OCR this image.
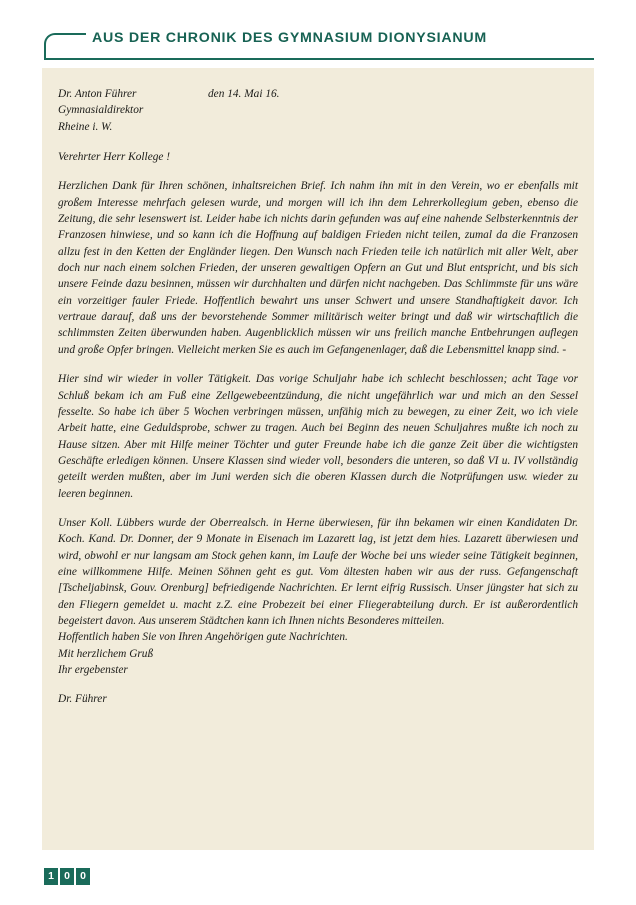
AUS DER CHRONIK DES GYMNASIUM DIONYSIANUM
Dr. Anton Führer	den 14. Mai 16.
Gymnasialdirektor
Rheine i. W.
Verehrter Herr Kollege !

Herzlichen Dank für Ihren schönen, inhaltsreichen Brief. Ich nahm ihn mit in den Verein, wo er ebenfalls mit großem Interesse mehrfach gelesen wurde, und morgen will ich ihn dem Lehrerkollegium geben, ebenso die Zeitung, die sehr lesenswert ist. Leider habe ich nichts darin gefunden was auf eine nahende Selbsterkenntnis der Franzosen hinwiese, und so kann ich die Hoffnung auf baldigen Frieden nicht teilen, zumal da die Franzosen allzu fest in den Ketten der Engländer liegen. Den Wunsch nach Frieden teile ich natürlich mit aller Welt, aber doch nur nach einem solchen Frieden, der unseren gewaltigen Opfern an Gut und Blut entspricht, und bis sich unsere Feinde dazu besinnen, müssen wir durchhalten und dürfen nicht nachgeben. Das Schlimmste für uns wäre ein vorzeitiger fauler Friede. Hoffentlich bewahrt uns unser Schwert und unsere Standhaftigkeit davor. Ich vertraue darauf, daß uns der bevorstehende Sommer militärisch weiter bringt und daß wir wirtschaftlich die schlimmsten Zeiten überwunden haben. Augenblicklich müssen wir uns freilich manche Entbehrungen auflegen und große Opfer bringen. Vielleicht merken Sie es auch im Gefangenenlager, daß die Lebensmittel knapp sind. -

Hier sind wir wieder in voller Tätigkeit. Das vorige Schuljahr habe ich schlecht beschlossen; acht Tage vor Schluß bekam ich am Fuß eine Zellgewebeentzündung, die nicht ungefährlich war und mich an den Sessel fesselte. So habe ich über 5 Wochen verbringen müssen, unfähig mich zu bewegen, zu einer Zeit, wo ich viele Arbeit hatte, eine Geduldsprobe, schwer zu tragen. Auch bei Beginn des neuen Schuljahres mußte ich noch zu Hause sitzen. Aber mit Hilfe meiner Töchter und guter Freunde habe ich die ganze Zeit über die wichtigsten Geschäfte erledigen können. Unsere Klassen sind wieder voll, besonders die unteren, so daß VI u. IV vollständig geteilt werden mußten, aber im Juni werden sich die oberen Klassen durch die Notprüfungen usw. wieder zu leeren beginnen.

Unser Koll. Lübbers wurde der Oberrealsch. in Herne überwiesen, für ihn bekamen wir einen Kandidaten Dr. Koch. Kand. Dr. Donner, der 9 Monate in Eisenach im Lazarett lag, ist jetzt dem hies. Lazarett überwiesen und wird, obwohl er nur langsam am Stock gehen kann, im Laufe der Woche bei uns wieder seine Tätigkeit beginnen, eine willkommene Hilfe. Meinen Söhnen geht es gut. Vom ältesten haben wir aus der russ. Gefangenschaft [Tscheljabinsk, Gouv. Orenburg] befriedigende Nachrichten. Er lernt eifrig Russisch. Unser jüngster hat sich zu den Fliegern gemeldet u. macht z.Z. eine Probezeit bei einer Fliegerabteilung durch. Er ist außerordentlich begeistert davon. Aus unserem Städtchen kann ich Ihnen nichts Besonderes mitteilen.

Hoffentlich haben Sie von Ihren Angehörigen gute Nachrichten.
Mit herzlichem Gruß
Ihr ergebenster
Dr. Führer
1 0 0
